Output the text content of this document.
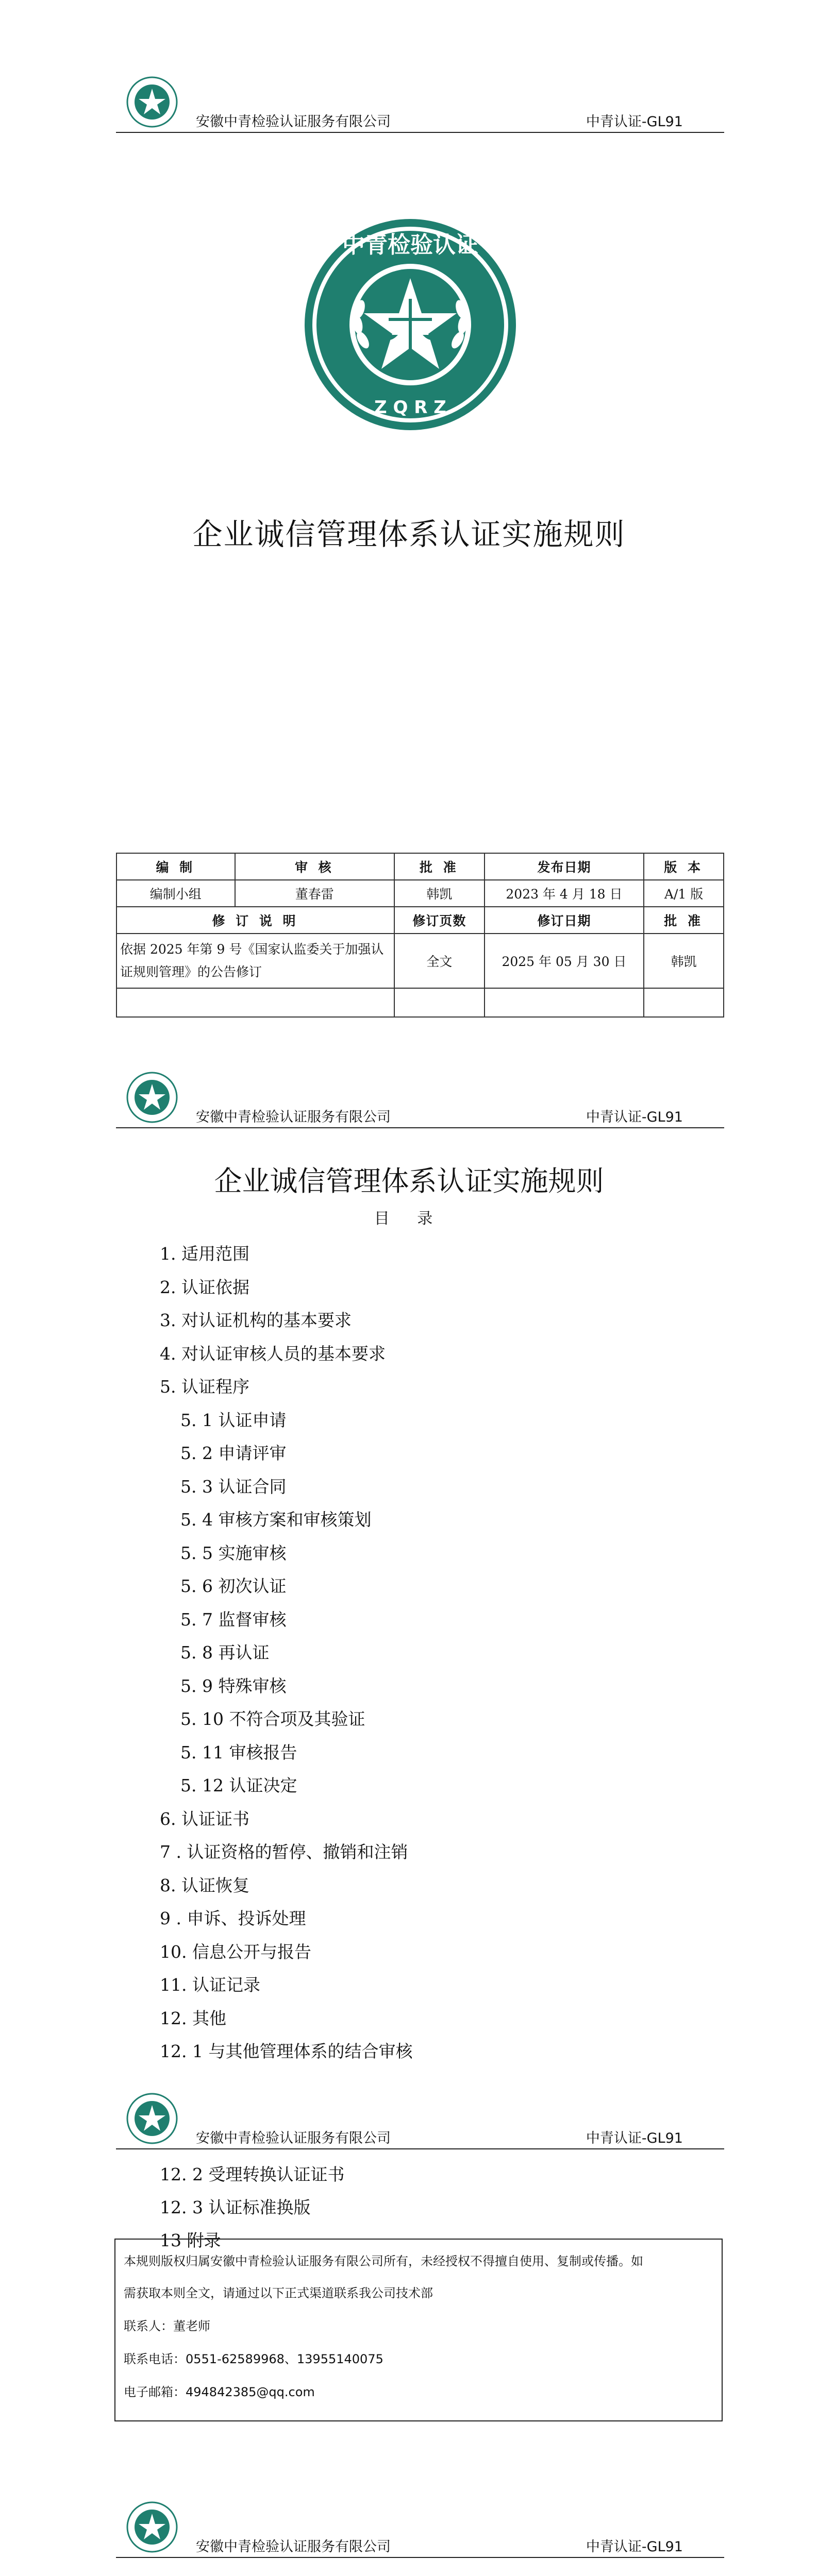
安徽中青检验认证服务有限公司	中青认证-GL91
中青检验认证
Z Q R Z
企业诚信管理体系认证实施规则
编 制	审 核	批 准	发布日期	版 本
编制小组	董春雷	韩凯	2023 年 4 月 18 日	A/1 版
修 订 说 明		修订页数	修订日期	批 准
依据 2025 年第 9 号《国家认监委关于加强认证规则管理》的公告修订		全文	2025 年 05 月 30 日	韩凯

安徽中青检验认证服务有限公司	中青认证-GL91
企业诚信管理体系认证实施规则
目 录
1. 适用范围
2. 认证依据
3. 对认证机构的基本要求
4. 对认证审核人员的基本要求
5. 认证程序
5. 1 认证申请
5. 2 申请评审
5. 3 认证合同
5. 4 审核方案和审核策划
5. 5 实施审核
5. 6 初次认证
5. 7 监督审核
5. 8 再认证
5. 9 特殊审核
5. 10 不符合项及其验证
5. 11 审核报告
5. 12 认证决定
6. 认证证书
7 . 认证资格的暂停、撤销和注销
8. 认证恢复
9 . 申诉、投诉处理
10. 信息公开与报告
11. 认证记录
12. 其他
12. 1 与其他管理体系的结合审核
安徽中青检验认证服务有限公司	中青认证-GL91
12. 2 受理转换认证证书
12. 3 认证标准换版
13 附录
本规则版权归属安徽中青检验认证服务有限公司所有，未经授权不得擅自使用、复制或传播。如
需获取本则全文，请通过以下正式渠道联系我公司技术部
联系人：董老师
联系电话：0551-62589968、13955140075
电子邮箱：494842385@qq.com
安徽中青检验认证服务有限公司	中青认证-GL91
